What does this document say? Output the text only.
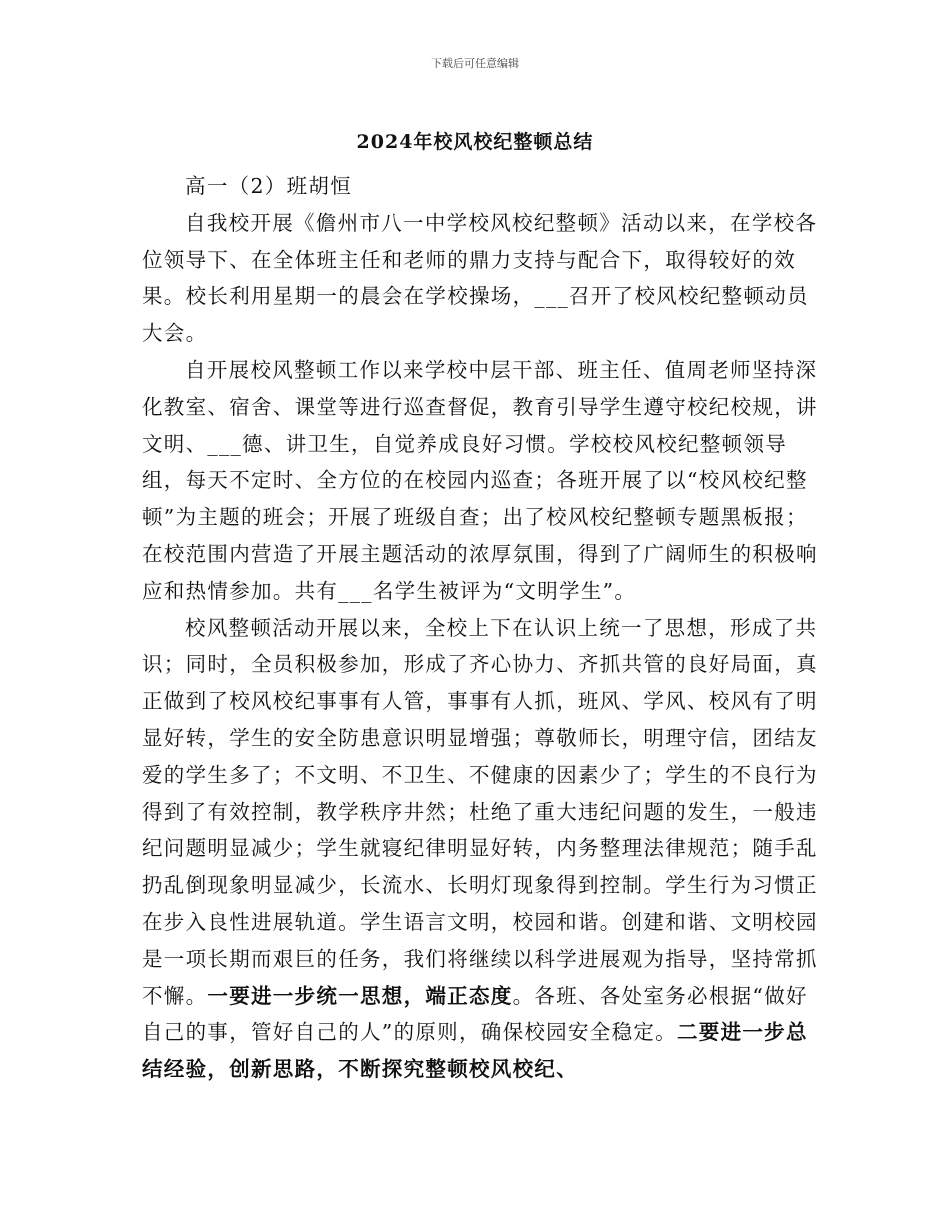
下载后可任意编辑
2024年校风校纪整顿总结

高一（2）班胡恒

自我校开展《儋州市八一中学校风校纪整顿》活动以来，在学校各位领导下、在全体班主任和老师的鼎力支持与配合下，取得较好的效果。校长利用星期一的晨会在学校操场，___召开了校风校纪整顿动员大会。

自开展校风整顿工作以来学校中层干部、班主任、值周老师坚持深化教室、宿舍、课堂等进行巡查督促，教育引导学生遵守校纪校规，讲文明、___德、讲卫生，自觉养成良好习惯。学校校风校纪整顿领导组，每天不定时、全方位的在校园内巡查；各班开展了以“校风校纪整顿”为主题的班会；开展了班级自查；出了校风校纪整顿专题黑板报；在校范围内营造了开展主题活动的浓厚氛围，得到了广阔师生的积极响应和热情参加。共有___名学生被评为“文明学生”。

校风整顿活动开展以来，全校上下在认识上统一了思想，形成了共识；同时，全员积极参加，形成了齐心协力、齐抓共管的良好局面，真正做到了校风校纪事事有人管，事事有人抓，班风、学风、校风有了明显好转，学生的安全防患意识明显增强；尊敬师长，明理守信，团结友爱的学生多了；不文明、不卫生、不健康的因素少了；学生的不良行为得到了有效控制，教学秩序井然；杜绝了重大违纪问题的发生，一般违纪问题明显减少；学生就寝纪律明显好转，内务整理法律规范；随手乱扔乱倒现象明显减少，长流水、长明灯现象得到控制。学生行为习惯正在步入良性进展轨道。学生语言文明，校园和谐。创建和谐、文明校园是一项长期而艰巨的任务，我们将继续以科学进展观为指导，坚持常抓不懈。一要进一步统一思想，端正态度。各班、各处室务必根据“做好自己的事，管好自己的人”的原则，确保校园安全稳定。二要进一步总结经验，创新思路，不断探究整顿校风校纪、
